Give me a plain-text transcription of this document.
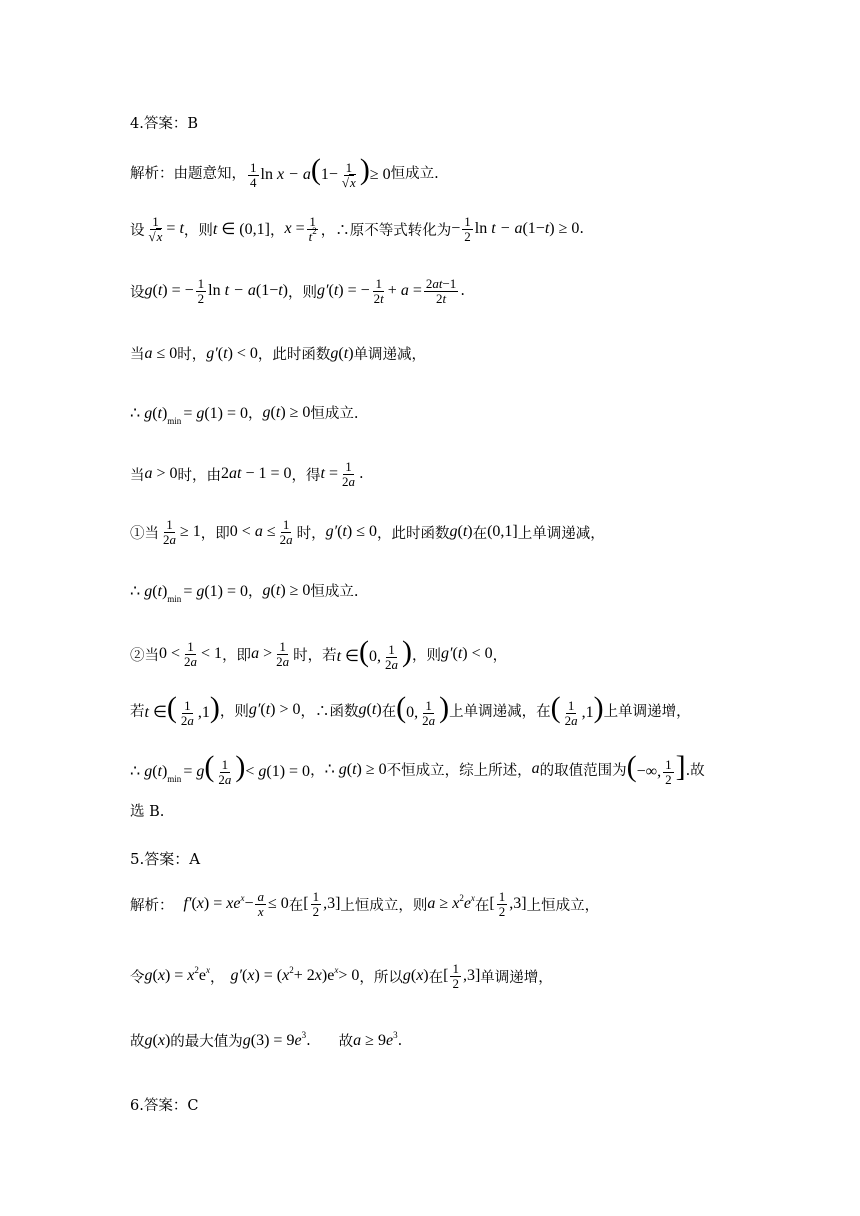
4.答案：B
解析：由题意知， $\frac{1}{4}$ $\ln x - a(1- \frac{1}{√x}$ )≥ 0 恒成立.
设 $\frac{1}{√x} = t$ ，则 t ∈ (0,1] ， $x = \frac{1}{t^2}$ ，∴原不等式转化为 − $\frac{1}{2}$ ln t − a(1−t) ≥ 0 .
设 g(t) = − $\frac{1}{2}$ ln t − a(1−t) ，则 g′(t) = − $\frac{1}{2t} + a = \frac{2at-1}{2t}$ .
当 a ≤ 0 时， g′(t) < 0 ，此时函数 g(t) 单调递减，
∴ $g(t)_{min} = g(1) = 0$ ， g(t) ≥ 0 恒成立.
当 a > 0 时，由 2at − 1 = 0 ，得 $t = \frac{1}{2a}$ .
①当 $\frac{1}{2a} \ge 1$ ，即 $0 < a \le \frac{1}{2a}$ 时， g′(t) ≤ 0 ，此时函数 g(t) 在 (0,1] 上单调递减，
∴ $g(t)_{min} = g(1) = 0$ ， g(t) ≥ 0 恒成立.
②当 $0 < \frac{1}{2a} < 1$ ，即 $a > \frac{1}{2a}$ 时，若 t ∈(0, $\frac{1}{2a}$ ) ，则 g′(t) < 0 ，
若 t ∈( $\frac{1}{2a} ,1$) ，则 g′(t) > 0 ，∴函数 g(t) 在 (0, $\frac{1}{2a}$ ) 上单调递减，在 ( $\frac{1}{2a} ,1$) 上单调递增，
∴ $g(t)_{min} = g( \frac{1}{2a}$ )< g(1) = 0 ， ∴ g(t) ≥ 0 不恒成立，综上所述， a 的取值范围为 (−∞, $\frac{1}{2}$ ] .故
选 B.
5.答案：A
解析： $f'(x) = xe^x- \frac{a}{x} \le 0$ 在 [ $\frac{1}{2} ,3$] 上恒成立，则 $a \ge x^2e^x$ 在 [ $\frac{1}{2} ,3$] 上恒成立，
令 $g(x) = x^2e^x$ ， $g'(x) = (x^2+ 2x)e^x> 0$ ，所以 g(x) 在 [ $\frac{1}{2} ,3$] 单调递增，
故 g(x) 的最大值为 $g(3) = 9e^3$ . 故 $a \ge 9e^3$ .
6.答案：C
